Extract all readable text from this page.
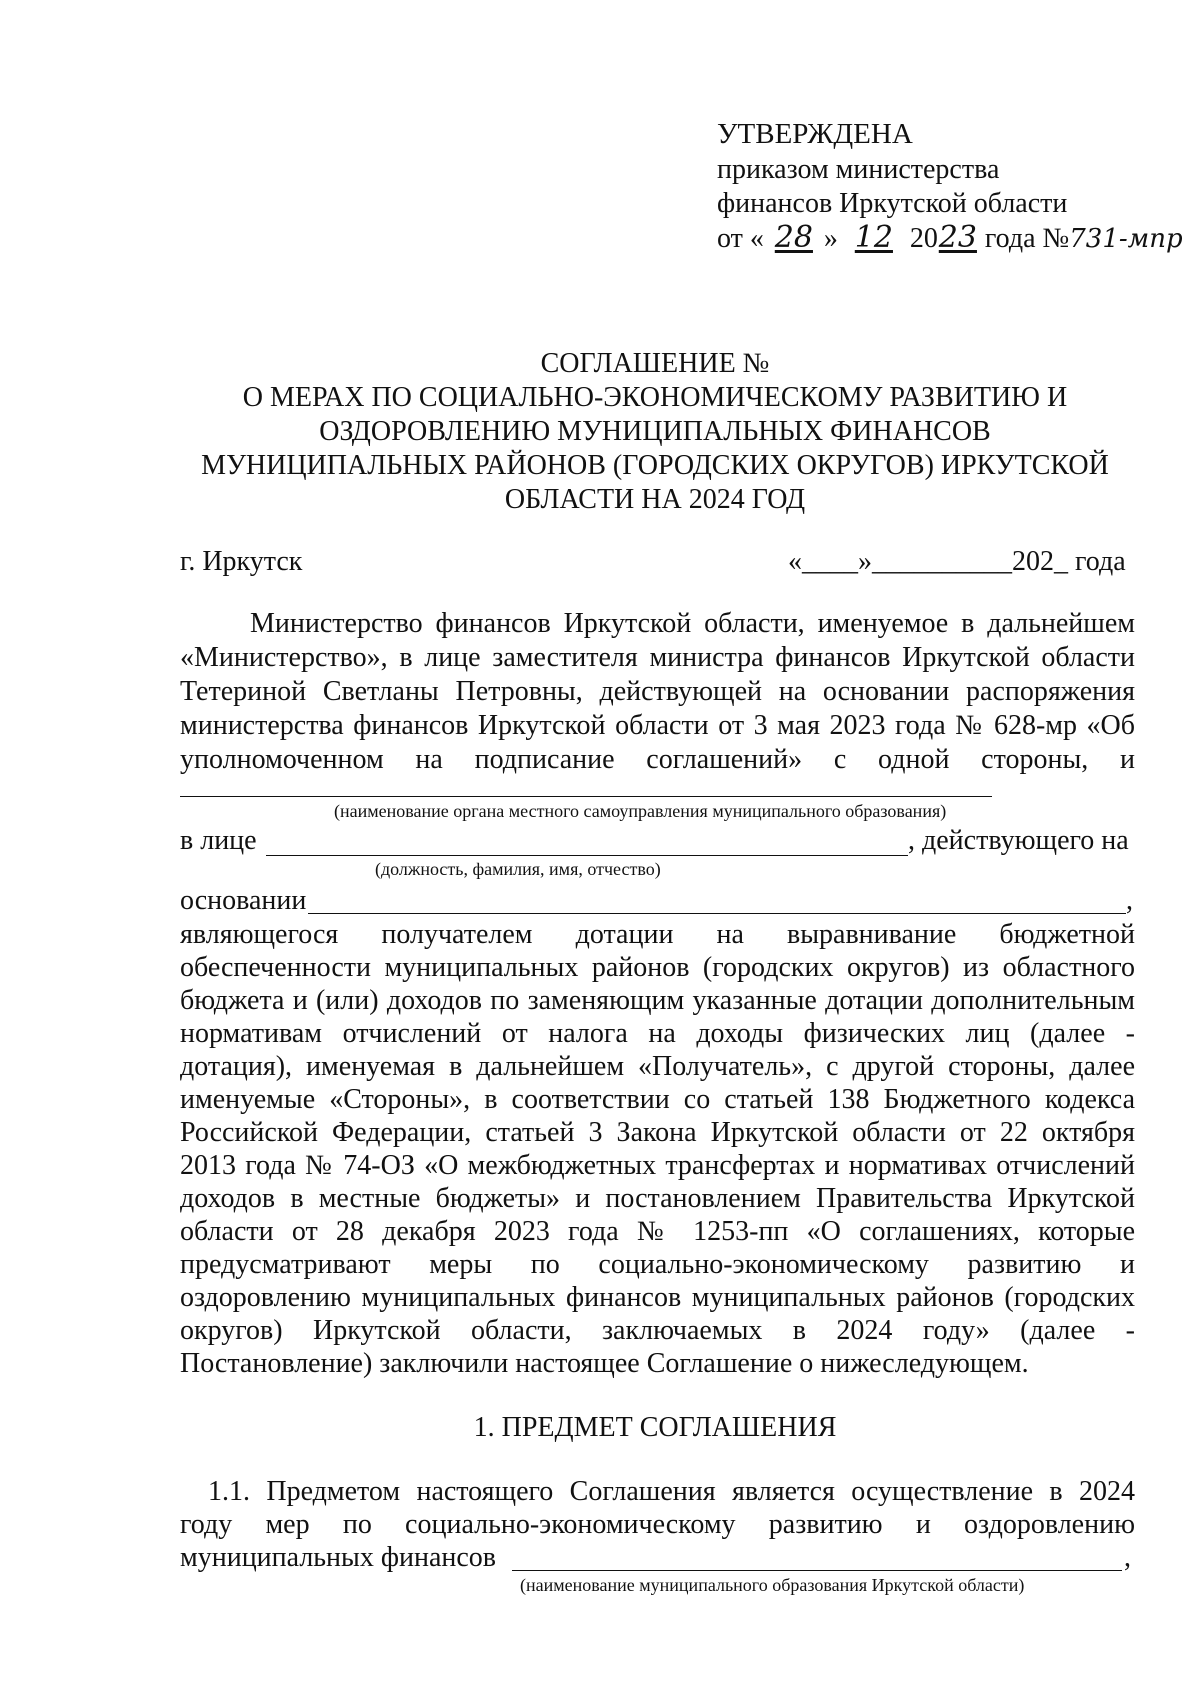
УТВЕРЖДЕНА
приказом министерства
финансов Иркутской области
от « 28 » 12 2023 года №731-мпр
СОГЛАШЕНИЕ №
О МЕРАХ ПО СОЦИАЛЬНО-ЭКОНОМИЧЕСКОМУ РАЗВИТИЮ И
ОЗДОРОВЛЕНИЮ МУНИЦИПАЛЬНЫХ ФИНАНСОВ
МУНИЦИПАЛЬНЫХ РАЙОНОВ (ГОРОДСКИХ ОКРУГОВ) ИРКУТСКОЙ
ОБЛАСТИ НА 2024 ГОД
г. Иркутск	«____»__________202_ года
Министерство финансов Иркутской области, именуемое в дальнейшем
«Министерство», в лице заместителя министра финансов Иркутской области
Тетериной Светланы Петровны, действующей на основании распоряжения
министерства финансов Иркутской области от 3 мая 2023 года № 628-мр «Об
уполномоченном на подписание соглашений» с одной стороны, и
(наименование органа местного самоуправления муниципального образования)
в лице	, действующего на
(должность, фамилия, имя, отчество)
основании	,
являющегося получателем дотации на выравнивание бюджетной
обеспеченности муниципальных районов (городских округов) из областного
бюджета и (или) доходов по заменяющим указанные дотации дополнительным
нормативам отчислений от налога на доходы физических лиц (далее -
дотация), именуемая в дальнейшем «Получатель», с другой стороны, далее
именуемые «Стороны», в соответствии со статьей 138 Бюджетного кодекса
Российской Федерации, статьей 3 Закона Иркутской области от 22 октября
2013 года № 74-ОЗ «О межбюджетных трансфертах и нормативах отчислений
доходов в местные бюджеты» и постановлением Правительства Иркутской
области от 28 декабря 2023 года № 1253-пп «О соглашениях, которые
предусматривают меры по социально-экономическому развитию и
оздоровлению муниципальных финансов муниципальных районов (городских
округов) Иркутской области, заключаемых в 2024 году» (далее -
Постановление) заключили настоящее Соглашение о нижеследующем.
1. ПРЕДМЕТ СОГЛАШЕНИЯ
1.1. Предметом настоящего Соглашения является осуществление в 2024
году мер по социально-экономическому развитию и оздоровлению
муниципальных финансов	,
(наименование муниципального образования Иркутской области)
